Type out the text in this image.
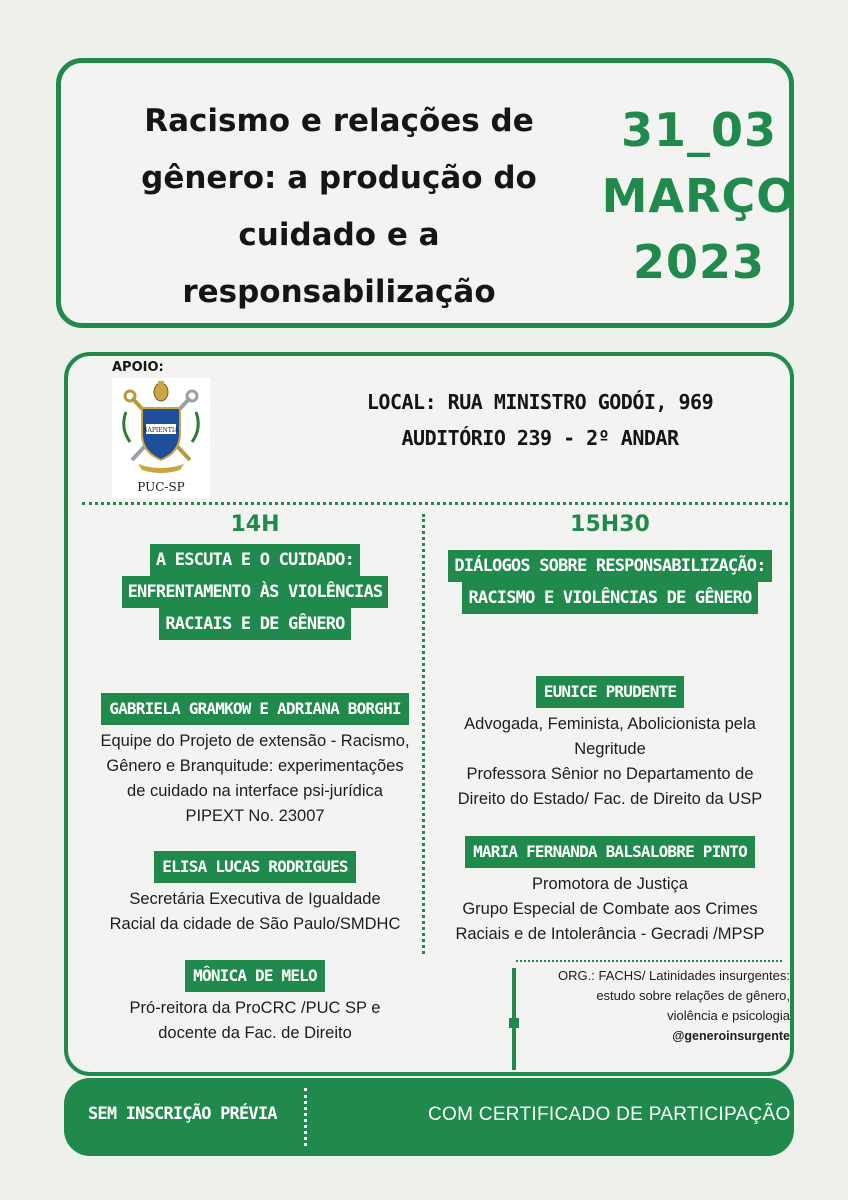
Racismo e relações de gênero: a produção do cuidado e a responsabilização
31_03
MARÇO
2023
APOIO:
SAPIENTIA
PUC-SP
LOCAL: RUA MINISTRO GODÓI, 969
AUDITÓRIO 239 - 2º ANDAR
14H
A ESCUTA E O CUIDADO:
ENFRENTAMENTO ÀS VIOLÊNCIAS
RACIAIS E DE GÊNERO
GABRIELA GRAMKOW E ADRIANA BORGHI
Equipe do Projeto de extensão - Racismo,
Gênero e Branquitude: experimentações
de cuidado na interface psi-jurídica
PIPEXT No. 23007
ELISA LUCAS RODRIGUES
Secretária Executiva de Igualdade
Racial da cidade de São Paulo/SMDHC
MÔNICA DE MELO
Pró-reitora da ProCRC /PUC SP e
docente da Fac. de Direito
15H30
DIÁLOGOS SOBRE RESPONSABILIZAÇÃO:
RACISMO E VIOLÊNCIAS DE GÊNERO
EUNICE PRUDENTE
Advogada, Feminista, Abolicionista pela
Negritude
Professora Sênior no Departamento de
Direito do Estado/ Fac. de Direito da USP
MARIA FERNANDA BALSALOBRE PINTO
Promotora de Justiça
Grupo Especial de Combate aos Crimes
Raciais e de Intolerância - Gecradi /MPSP
ORG.: FACHS/ Latinidades insurgentes:
estudo sobre relações de gênero,
violência e psicologia
@generoinsurgente
SEM INSCRIÇÃO PRÉVIA	COM CERTIFICADO DE PARTICIPAÇÃO
